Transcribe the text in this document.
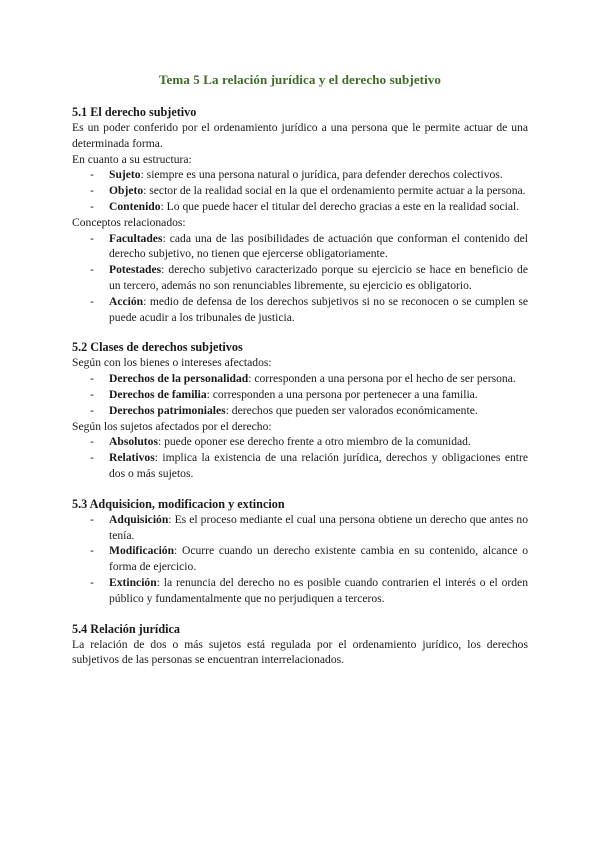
Tema 5 La relación jurídica y el derecho subjetivo

5.1 El derecho subjetivo

Es un poder conferido por el ordenamiento jurídico a una persona que le permite actuar de una determinada forma.

En cuanto a su estructura:

- Sujeto: siempre es una persona natural o jurídica, para defender derechos colectivos.
- Objeto: sector de la realidad social en la que el ordenamiento permite actuar a la persona.
- Contenido: Lo que puede hacer el titular del derecho gracias a este en la realidad social.

Conceptos relacionados:

- Facultades: cada una de las posibilidades de actuación que conforman el contenido del derecho subjetivo, no tienen que ejercerse obligatoriamente.
- Potestades: derecho subjetivo caracterizado porque su ejercicio se hace en beneficio de un tercero, además no son renunciables libremente, su ejercicio es obligatorio.
- Acción: medio de defensa de los derechos subjetivos si no se reconocen o se cumplen se puede acudir a los tribunales de justicia.

5.2 Clases de derechos subjetivos

Según con los bienes o intereses afectados:

- Derechos de la personalidad: corresponden a una persona por el hecho de ser persona.
- Derechos de familia: corresponden a una persona por pertenecer a una familia.
- Derechos patrimoniales: derechos que pueden ser valorados económicamente.

Según los sujetos afectados por el derecho:

- Absolutos: puede oponer ese derecho frente a otro miembro de la comunidad.
- Relativos: implica la existencia de una relación jurídica, derechos y obligaciones entre dos o más sujetos.

5.3 Adquisicion, modificacion y extincion

- Adquisición: Es el proceso mediante el cual una persona obtiene un derecho que antes no tenía.
- Modificación: Ocurre cuando un derecho existente cambia en su contenido, alcance o forma de ejercicio.
- Extinción: la renuncia del derecho no es posible cuando contrarien el interés o el orden público y fundamentalmente que no perjudiquen a terceros.

5.4 Relación jurídica

La relación de dos o más sujetos está regulada por el ordenamiento jurídico, los derechos subjetivos de las personas se encuentran interrelacionados.
